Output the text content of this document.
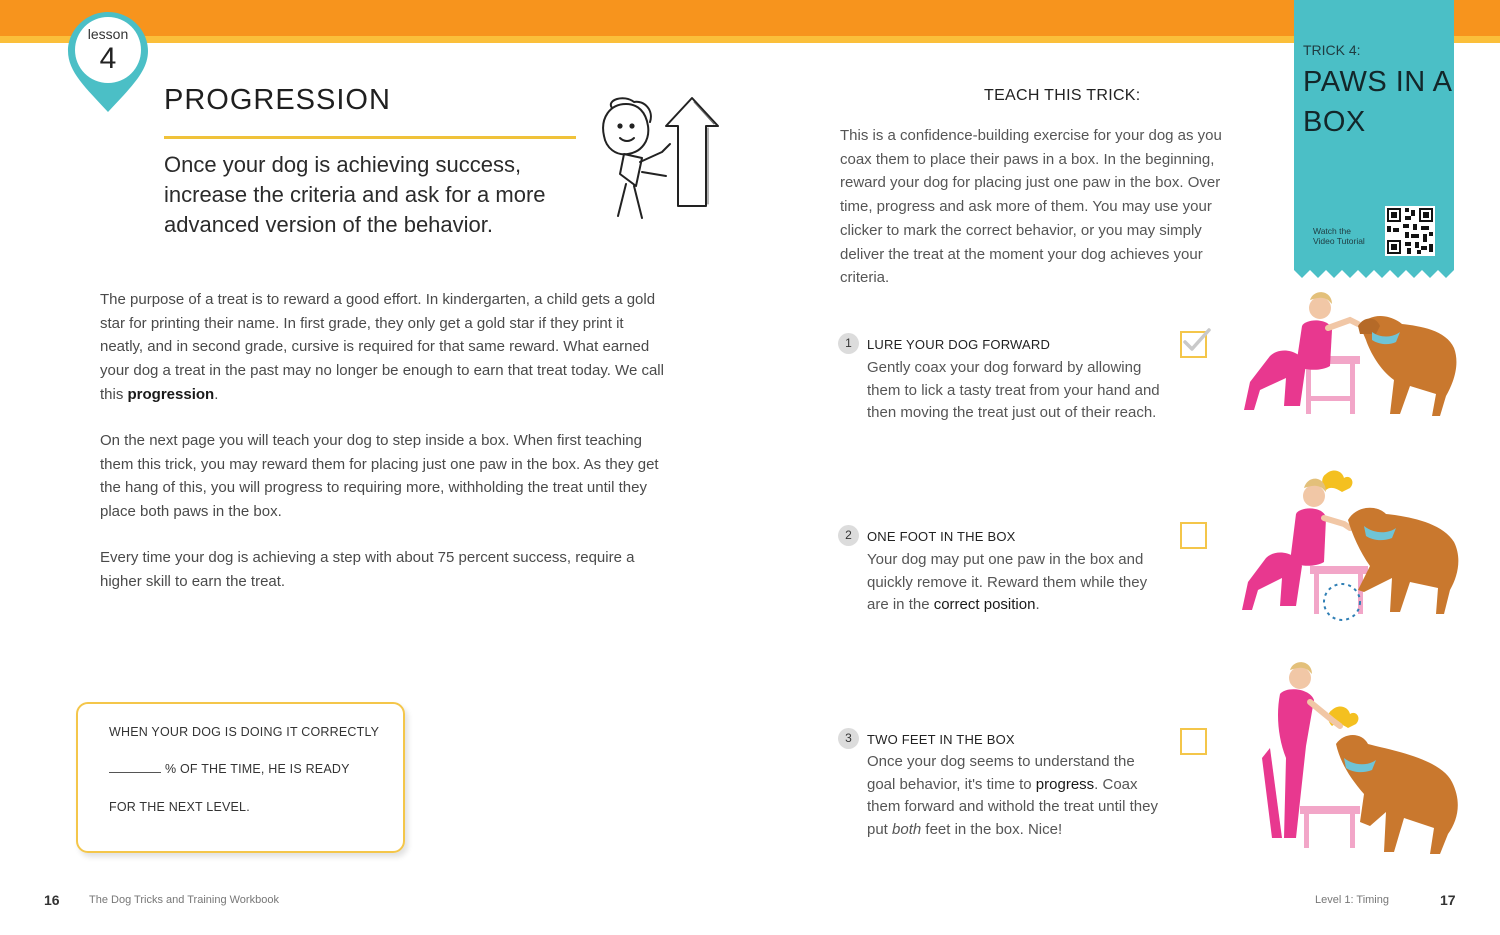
lesson
4
PROGRESSION
Once your dog is achieving success, increase the criteria and ask for a more advanced version of the behavior.
The purpose of a treat is to reward a good effort. In kindergarten, a child gets a gold star for printing their name. In first grade, they only get a gold star if they print it neatly, and in second grade, cursive is required for that same reward. What earned your dog a treat in the past may no longer be enough to earn that treat today. We call this progression.
On the next page you will teach your dog to step inside a box. When first teaching them this trick, you may reward them for placing just one paw in the box. As they get the hang of this, you will progress to requiring more, withholding the treat until they place both paws in the box.
Every time your dog is achieving a step with about 75 percent success, require a higher skill to earn the treat.
WHEN YOUR DOG IS DOING IT CORRECTLY
% OF THE TIME, HE IS READY
FOR THE NEXT LEVEL.
16	The Dog Tricks and Training Workbook
TEACH THIS TRICK:
This is a confidence-building exercise for your dog as you coax them to place their paws in a box. In the beginning, reward your dog for placing just one paw in the box. Over time, progress and ask more of them. You may use your clicker to mark the correct behavior, or you may simply deliver the treat at the moment your dog achieves your criteria.
TRICK 4:
PAWS IN A BOX
Watch the
Video Tutorial
1	LURE YOUR DOG FORWARD
Gently coax your dog forward by allowing them to lick a tasty treat from your hand and then moving the treat just out of their reach.
2	ONE FOOT IN THE BOX
Your dog may put one paw in the box and quickly remove it. Reward them while they are in the correct position.
3	TWO FEET IN THE BOX
Once your dog seems to understand the goal behavior, it's time to progress. Coax them forward and withold the treat until they put both feet in the box. Nice!
Level 1: Timing	17
